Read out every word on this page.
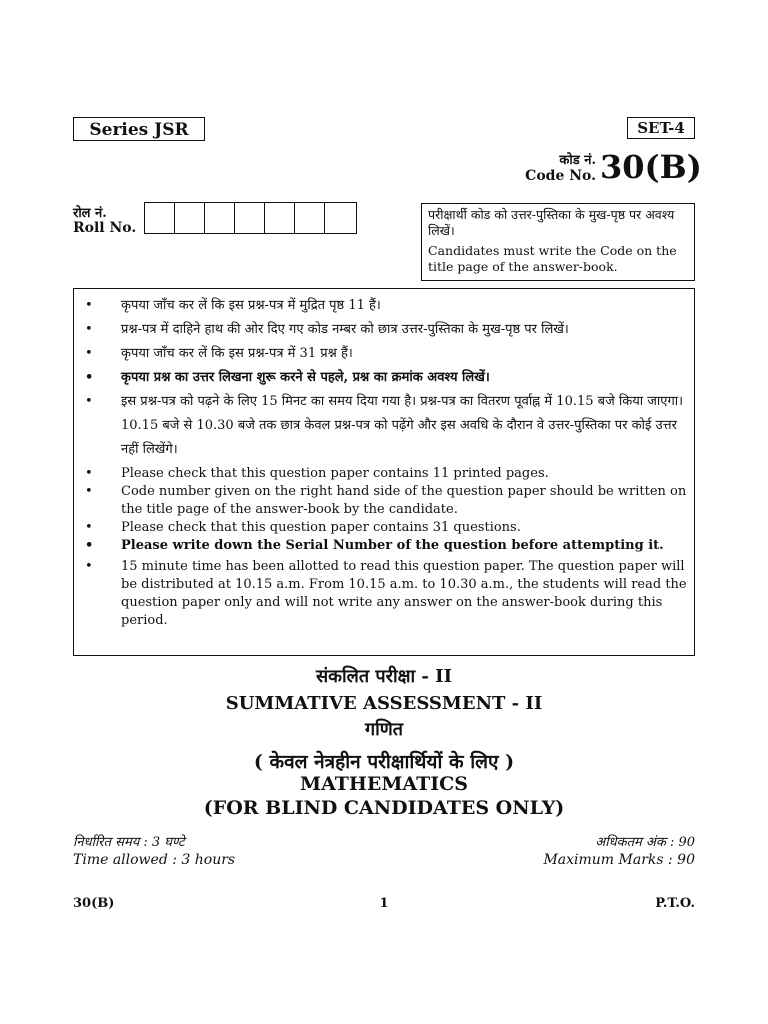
Series JSR	SET-4
कोड नं.
Code No. 30(B)
रोल नं.
Roll No.

परीक्षार्थी कोड को उत्तर-पुस्तिका के मुख-पृष्ठ पर अवश्य लिखें।

Candidates must write the Code on the title page of the answer-book.

• कृपया जाँच कर लें कि इस प्रश्न-पत्र में मुद्रित पृष्ठ 11 हैं।
• प्रश्न-पत्र में दाहिने हाथ की ओर दिए गए कोड नम्बर को छात्र उत्तर-पुस्तिका के मुख-पृष्ठ पर लिखें।
• कृपया जाँच कर लें कि इस प्रश्न-पत्र में 31 प्रश्न हैं।
• कृपया प्रश्न का उत्तर लिखना शुरू करने से पहले, प्रश्न का क्रमांक अवश्य लिखें।
• इस प्रश्न-पत्र को पढ़ने के लिए 15 मिनट का समय दिया गया है। प्रश्न-पत्र का वितरण पूर्वाह्न में 10.15 बजे किया जाएगा। 10.15 बजे से 10.30 बजे तक छात्र केवल प्रश्न-पत्र को पढ़ेंगे और इस अवधि के दौरान वे उत्तर-पुस्तिका पर कोई उत्तर नहीं लिखेंगे।
• Please check that this question paper contains 11 printed pages.
• Code number given on the right hand side of the question paper should be written on the title page of the answer-book by the candidate.
• Please check that this question paper contains 31 questions.
• Please write down the Serial Number of the question before attempting it.
• 15 minute time has been allotted to read this question paper. The question paper will be distributed at 10.15 a.m. From 10.15 a.m. to 10.30 a.m., the students will read the question paper only and will not write any answer on the answer-book during this period.
संकलित परीक्षा - II
SUMMATIVE ASSESSMENT - II
गणित
( केवल नेत्रहीन परीक्षार्थियों के लिए )
MATHEMATICS
(FOR BLIND CANDIDATES ONLY)
निर्धारित समय : 3 घण्टे
Time allowed : 3 hours
अधिकतम अंक : 90
Maximum Marks : 90
30(B)	1	P.T.O.
